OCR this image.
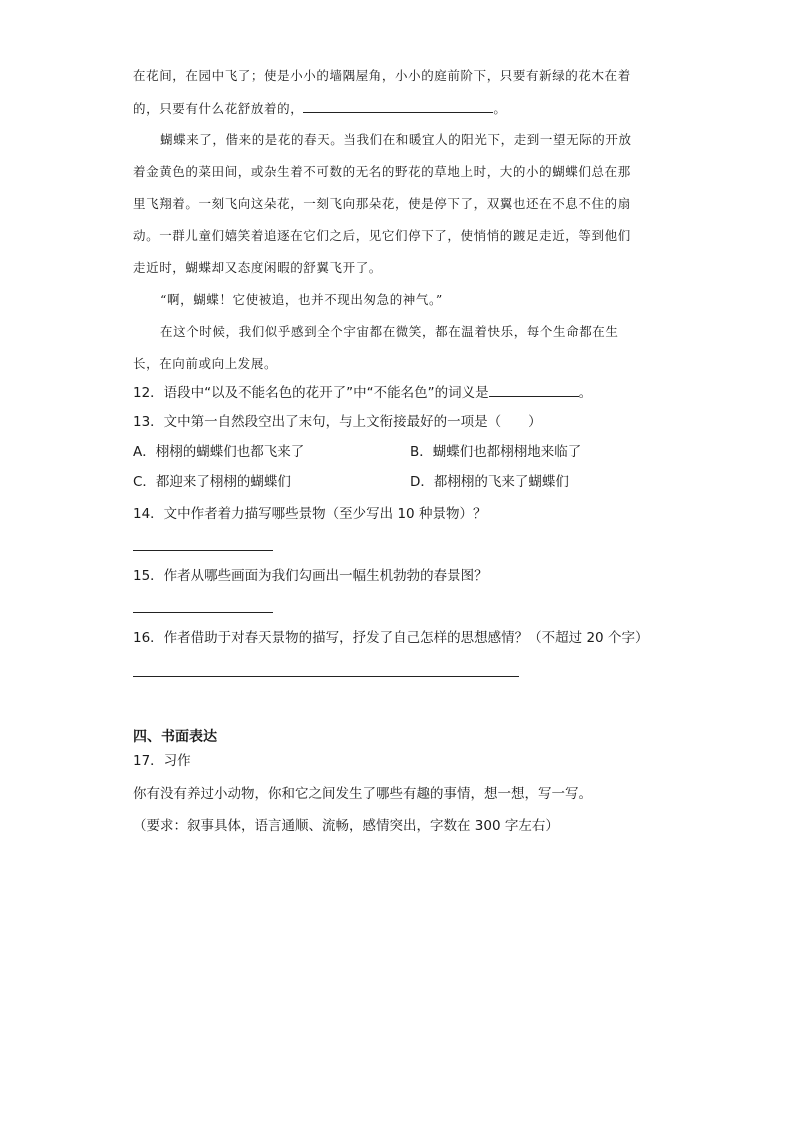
在花间，在园中飞了；使是小小的墙隅屋角，小小的庭前阶下，只要有新绿的花木在着
的，只要有什么花舒放着的，	。
蝴蝶来了，偕来的是花的春天。当我们在和暖宜人的阳光下，走到一望无际的开放
着金黄色的菜田间，或杂生着不可数的无名的野花的草地上时，大的小的蝴蝶们总在那
里飞翔着。一刻飞向这朵花，一刻飞向那朵花，使是停下了，双翼也还在不息不住的扇
动。一群儿童们嬉笑着追逐在它们之后，见它们停下了，使悄悄的踱足走近，等到他们
走近时，蝴蝶却又态度闲暇的舒翼飞开了。
“啊，蝴蝶！它使被追，也并不现出匆急的神气。”
在这个时候，我们似乎感到全个宇宙都在微笑，都在温着快乐，每个生命都在生
长，在向前或向上发展。
12．语段中“以及不能名色的花开了”中“不能名色”的词义是	。
13．文中第一自然段空出了末句，与上文衔接最好的一项是（　　）
A．栩栩的蝴蝶们也都飞来了	B．蝴蝶们也都栩栩地来临了
C．都迎来了栩栩的蝴蝶们	D．都栩栩的飞来了蝴蝶们
14．文中作者着力描写哪些景物（至少写出 10 种景物）？
15．作者从哪些画面为我们勾画出一幅生机勃勃的春景图？
16．作者借助于对春天景物的描写，抒发了自己怎样的思想感情？（不超过 20 个字）
四、书面表达
17．习作
你有没有养过小动物，你和它之间发生了哪些有趣的事情，想一想，写一写。
（要求：叙事具体，语言通顺、流畅，感情突出，字数在 300 字左右）
